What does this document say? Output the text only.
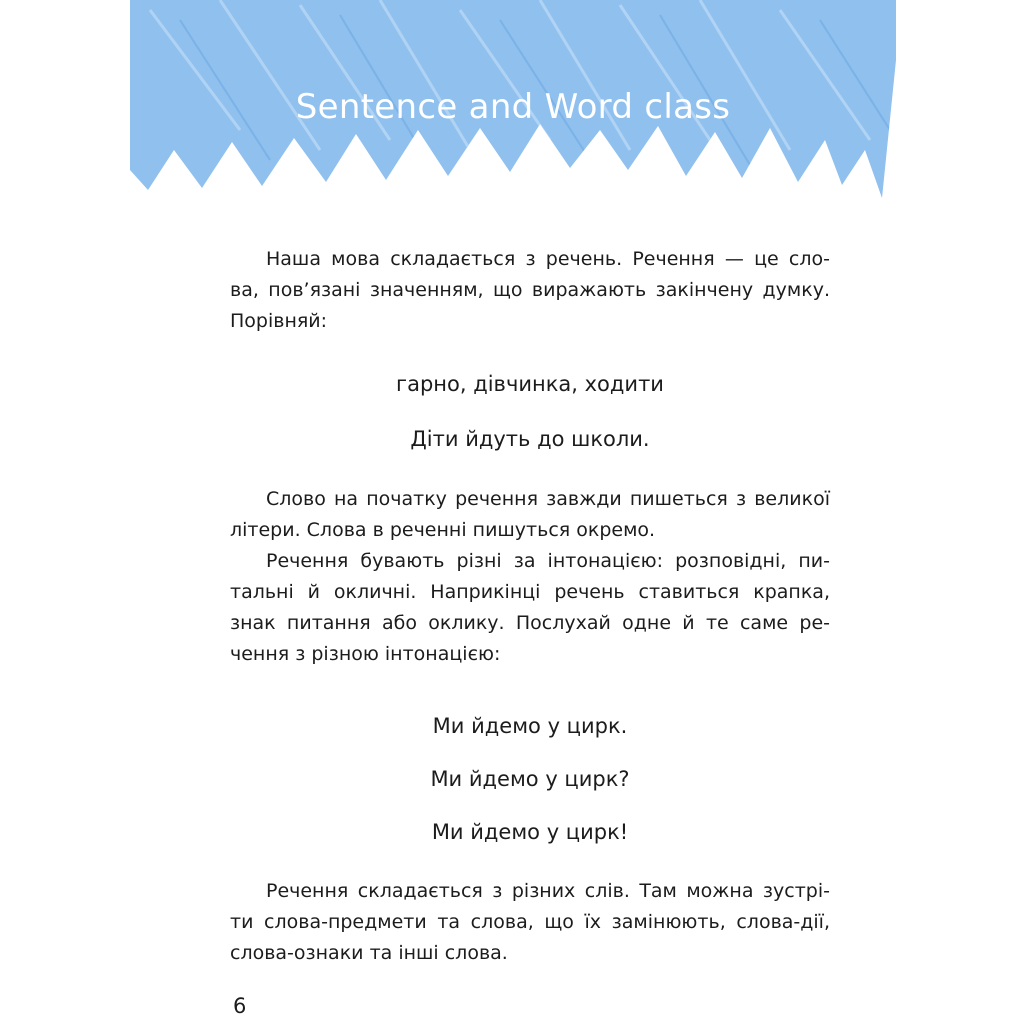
Sentence and Word class

Наша мова складається з речень. Речення — це сло-
ва, пов’язані значенням, що виражають закінчену думку.
Порівняй:

гарно, дівчинка, ходити

Діти йдуть до школи.

Слово на початку речення завжди пишеться з великої
літери. Слова в реченні пишуться окремо.

Речення бувають різні за інтонацією: розповідні, пи-
тальні й окличні. Наприкінці речень ставиться крапка,
знак питання або оклику. Послухай одне й те саме ре-
чення з різною інтонацією:

Ми йдемо у цирк.

Ми йдемо у цирк?

Ми йдемо у цирк!

Речення складається з різних слів. Там можна зустрі-
ти слова-предмети та слова, що їх замінюють, слова-дії,
слова-ознаки та інші слова.

6
